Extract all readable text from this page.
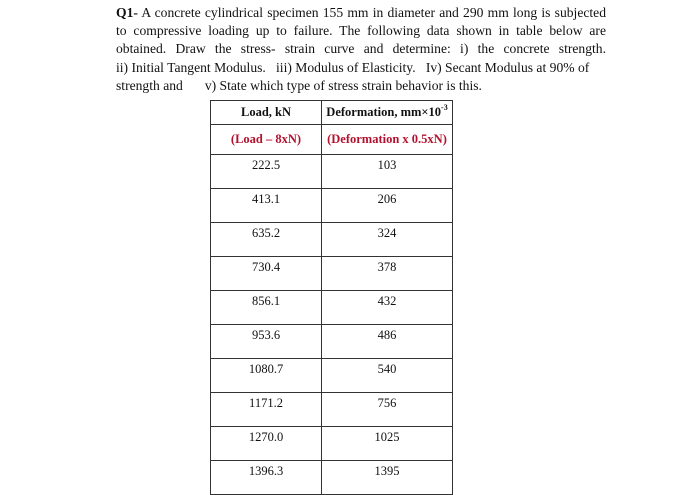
Q1- A concrete cylindrical specimen 155 mm in diameter and 290 mm long is subjected
to compressive loading up to failure. The following data shown in table below are
obtained. Draw the stress- strain curve and determine: i) the concrete strength.
ii) Initial Tangent Modulus. iii) Modulus of Elasticity. Iv) Secant Modulus at 90% of
strength and v) State which type of stress strain behavior is this.
Load, kN	Deformation, $mm\times 10^{-3}$
(Load – 8xN)	(Deformation x 0.5xN)
222.5	103
413.1	206
635.2	324
730.4	378
856.1	432
953.6	486
1080.7	540
1171.2	756
1270.0	1025
1396.3	1395
